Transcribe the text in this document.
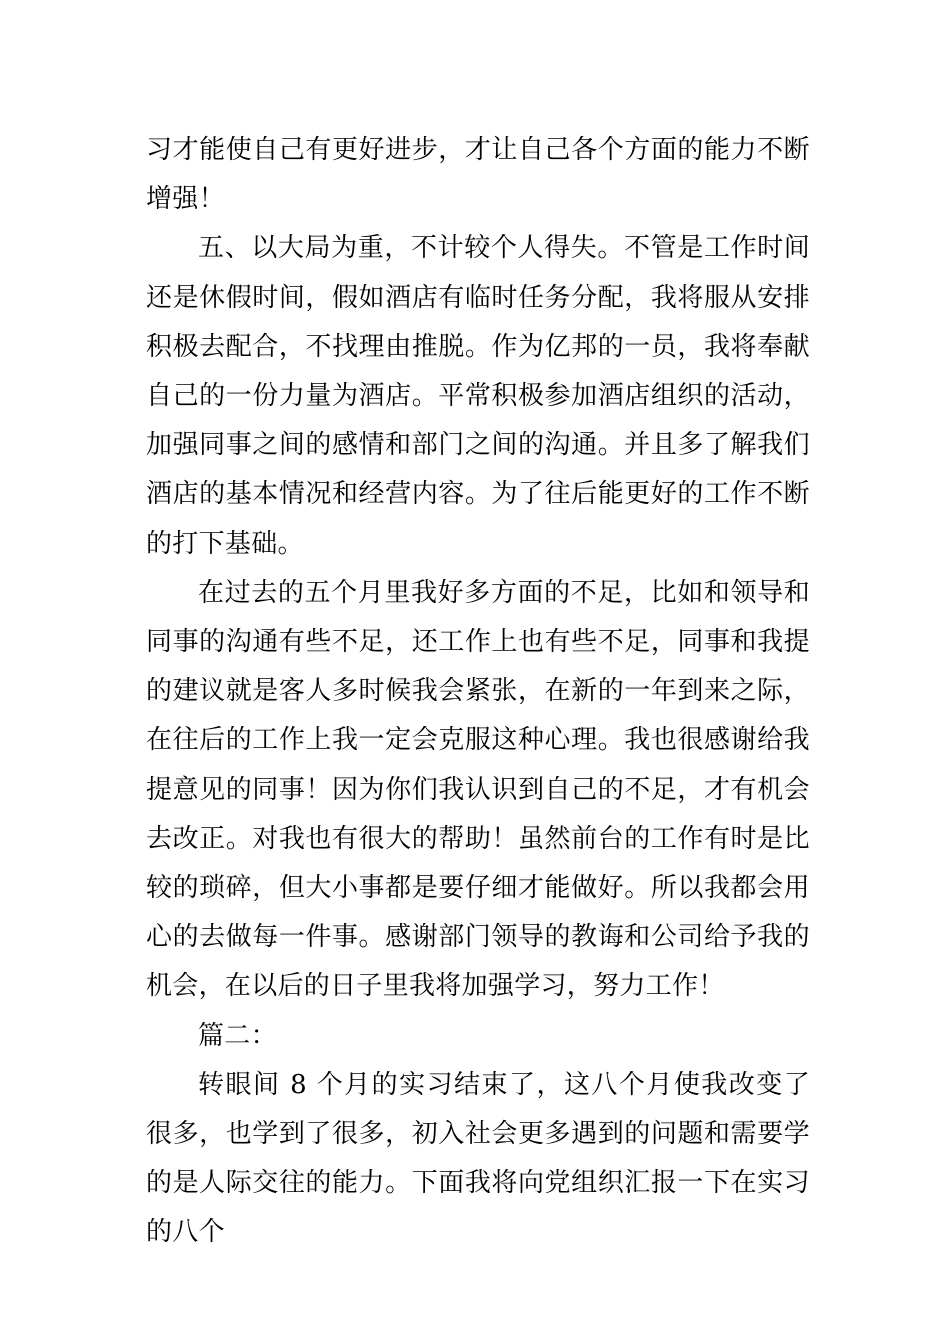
习才能使自己有更好进步，才让自己各个方面的能力不断增强！

五、以大局为重，不计较个人得失。不管是工作时间还是休假时间，假如酒店有临时任务分配，我将服从安排积极去配合，不找理由推脱。作为亿邦的一员，我将奉献自己的一份力量为酒店。平常积极参加酒店组织的活动，加强同事之间的感情和部门之间的沟通。并且多了解我们酒店的基本情况和经营内容。为了往后能更好的工作不断的打下基础。

在过去的五个月里我好多方面的不足，比如和领导和同事的沟通有些不足，还工作上也有些不足，同事和我提的建议就是客人多时候我会紧张，在新的一年到来之际，在往后的工作上我一定会克服这种心理。我也很感谢给我提意见的同事！因为你们我认识到自己的不足，才有机会去改正。对我也有很大的帮助！虽然前台的工作有时是比较的琐碎，但大小事都是要仔细才能做好。所以我都会用心的去做每一件事。感谢部门领导的教诲和公司给予我的机会，在以后的日子里我将加强学习，努力工作！

篇二：

转眼间 8 个月的实习结束了，这八个月使我改变了很多，也学到了很多，初入社会更多遇到的问题和需要学的是人际交往的能力。下面我将向党组织汇报一下在实习的八个
